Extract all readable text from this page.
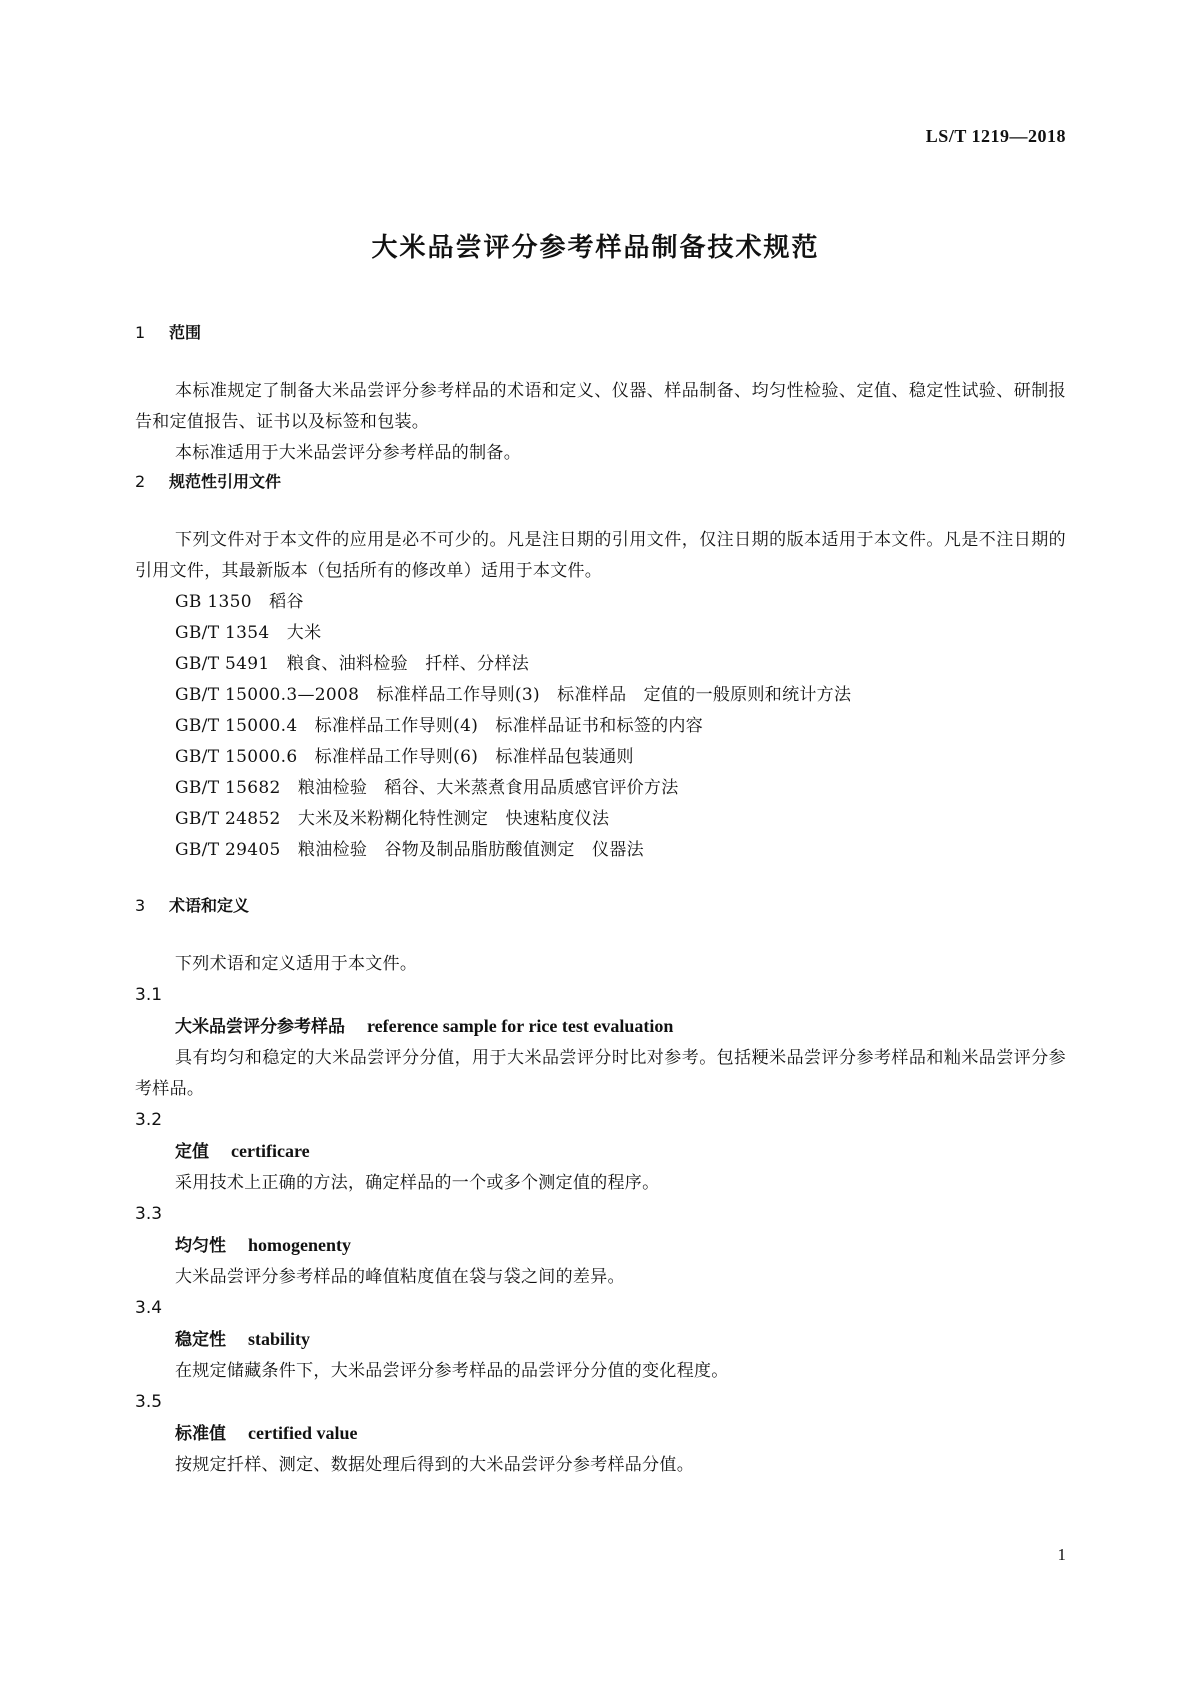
LS/T 1219—2018
大米品尝评分参考样品制备技术规范
1 范围

本标准规定了制备大米品尝评分参考样品的术语和定义、仪器、样品制备、均匀性检验、定值、稳定性试验、研制报告和定值报告、证书以及标签和包装。

本标准适用于大米品尝评分参考样品的制备。

2 规范性引用文件

下列文件对于本文件的应用是必不可少的。凡是注日期的引用文件，仅注日期的版本适用于本文件。凡是不注日期的引用文件，其最新版本（包括所有的修改单）适用于本文件。

GB 1350　稻谷
GB/T 1354　大米
GB/T 5491　粮食、油料检验　扦样、分样法
GB/T 15000.3—2008　标准样品工作导则(3)　标准样品　定值的一般原则和统计方法
GB/T 15000.4　标准样品工作导则(4)　标准样品证书和标签的内容
GB/T 15000.6　标准样品工作导则(6)　标准样品包装通则
GB/T 15682　粮油检验　稻谷、大米蒸煮食用品质感官评价方法
GB/T 24852　大米及米粉糊化特性测定　快速粘度仪法
GB/T 29405　粮油检验　谷物及制品脂肪酸值测定　仪器法
3 术语和定义

下列术语和定义适用于本文件。

3.1
大米品尝评分参考样品 reference sample for rice test evaluation

具有均匀和稳定的大米品尝评分分值，用于大米品尝评分时比对参考。包括粳米品尝评分参考样品和籼米品尝评分参考样品。

3.2
定值 certificare

采用技术上正确的方法，确定样品的一个或多个测定值的程序。

3.3
均匀性 homogenenty

大米品尝评分参考样品的峰值粘度值在袋与袋之间的差异。

3.4
稳定性 stability

在规定储藏条件下，大米品尝评分参考样品的品尝评分分值的变化程度。

3.5
标准值 certified value

按规定扦样、测定、数据处理后得到的大米品尝评分参考样品分值。

1
